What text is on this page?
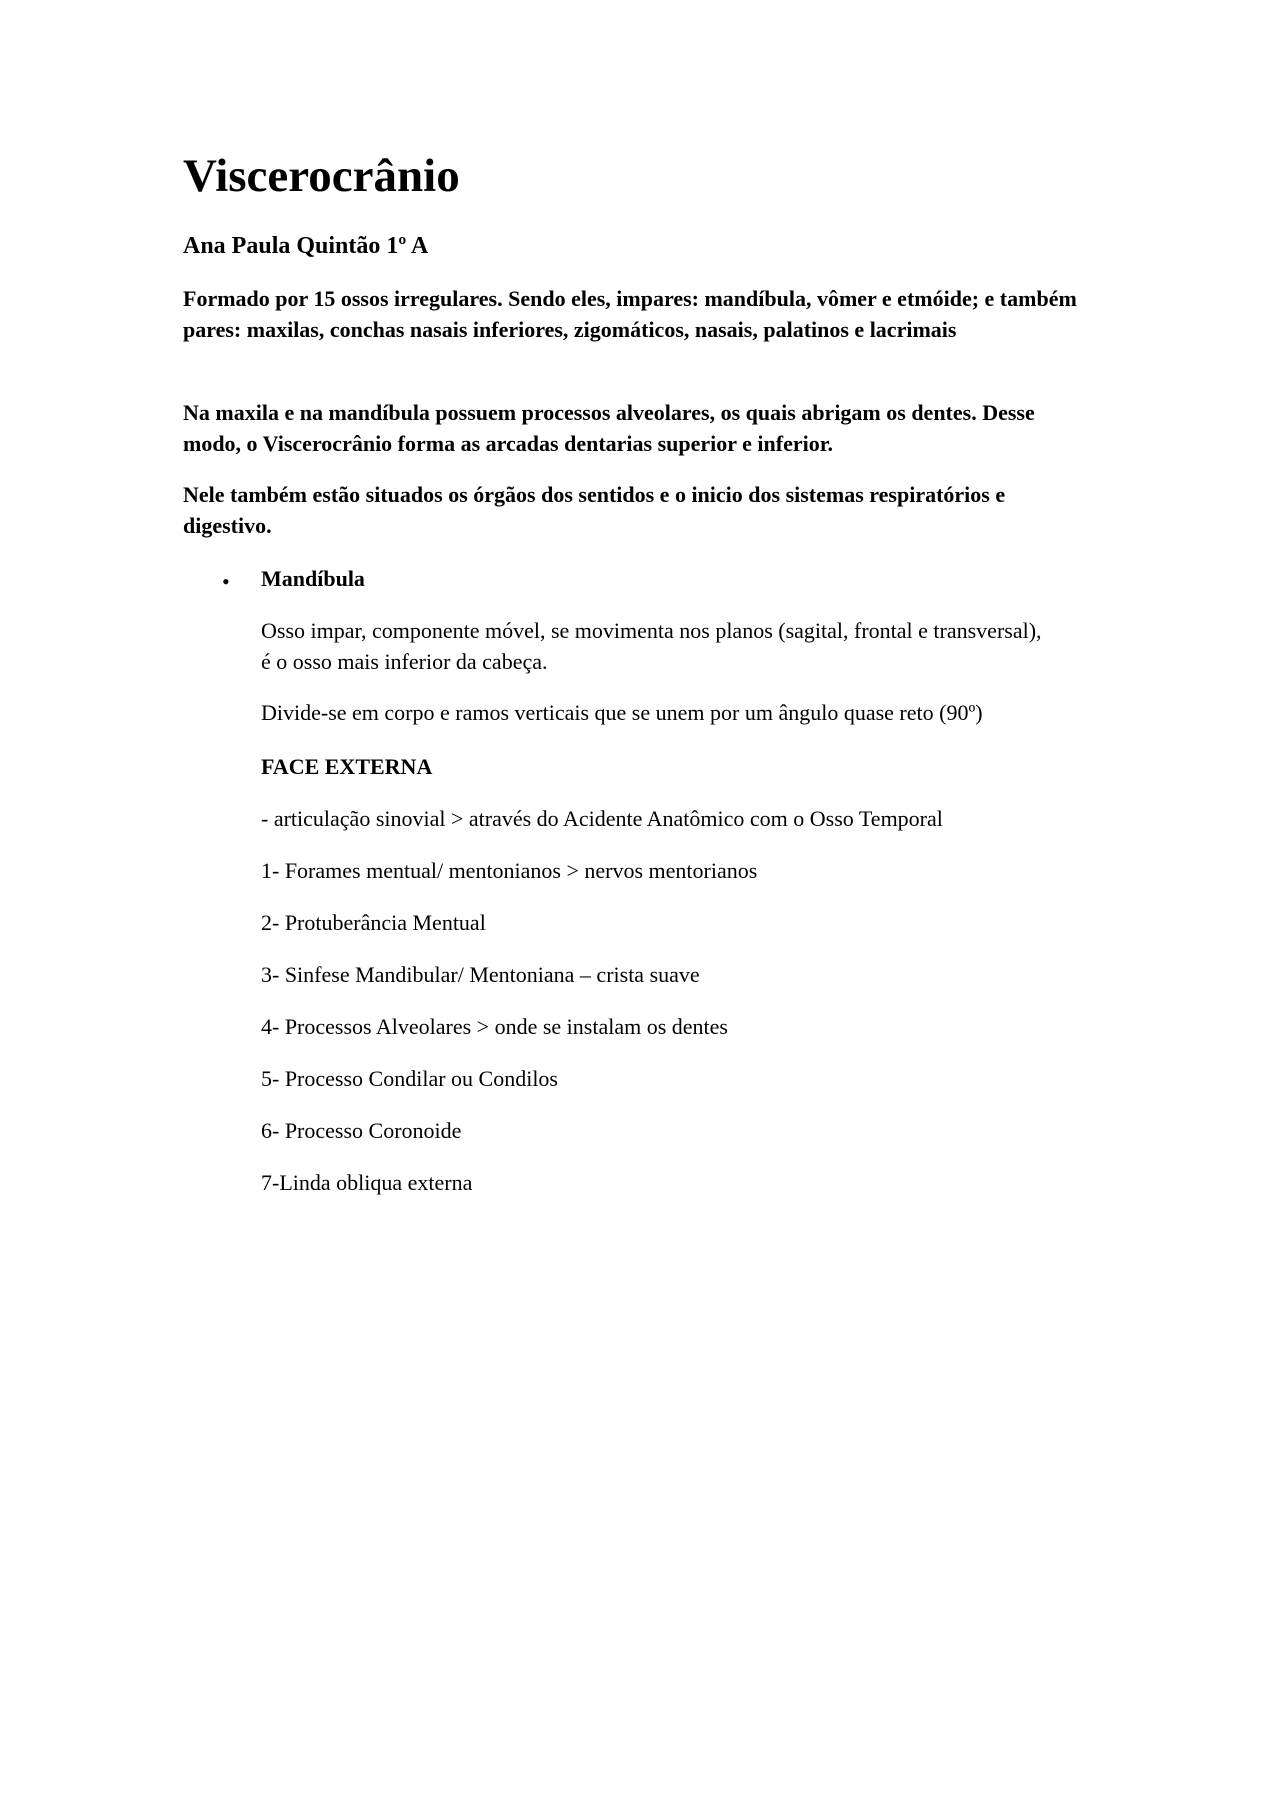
Viscerocrânio

Ana Paula Quintão 1º A

Formado por 15 ossos irregulares. Sendo eles, impares: mandíbula, vômer e etmóide; e também pares: maxilas, conchas nasais inferiores, zigomáticos, nasais, palatinos e lacrimais

Na maxila e na mandíbula possuem processos alveolares, os quais abrigam os dentes. Desse modo, o Viscerocrânio forma as arcadas dentarias superior e inferior.

Nele também estão situados os órgãos dos sentidos e o inicio dos sistemas respiratórios e digestivo.

• Mandíbula

Osso impar, componente móvel, se movimenta nos planos (sagital, frontal e transversal), é o osso mais inferior da cabeça.

Divide-se em corpo e ramos verticais que se unem por um ângulo quase reto (90º)

FACE EXTERNA

- articulação sinovial > através do Acidente Anatômico com o Osso Temporal

1- Forames mentual/ mentonianos > nervos mentorianos

2- Protuberância Mentual

3- Sinfese Mandibular/ Mentoniana – crista suave

4- Processos Alveolares > onde se instalam os dentes

5- Processo Condilar ou Condilos

6- Processo Coronoide

7-Linda obliqua externa
